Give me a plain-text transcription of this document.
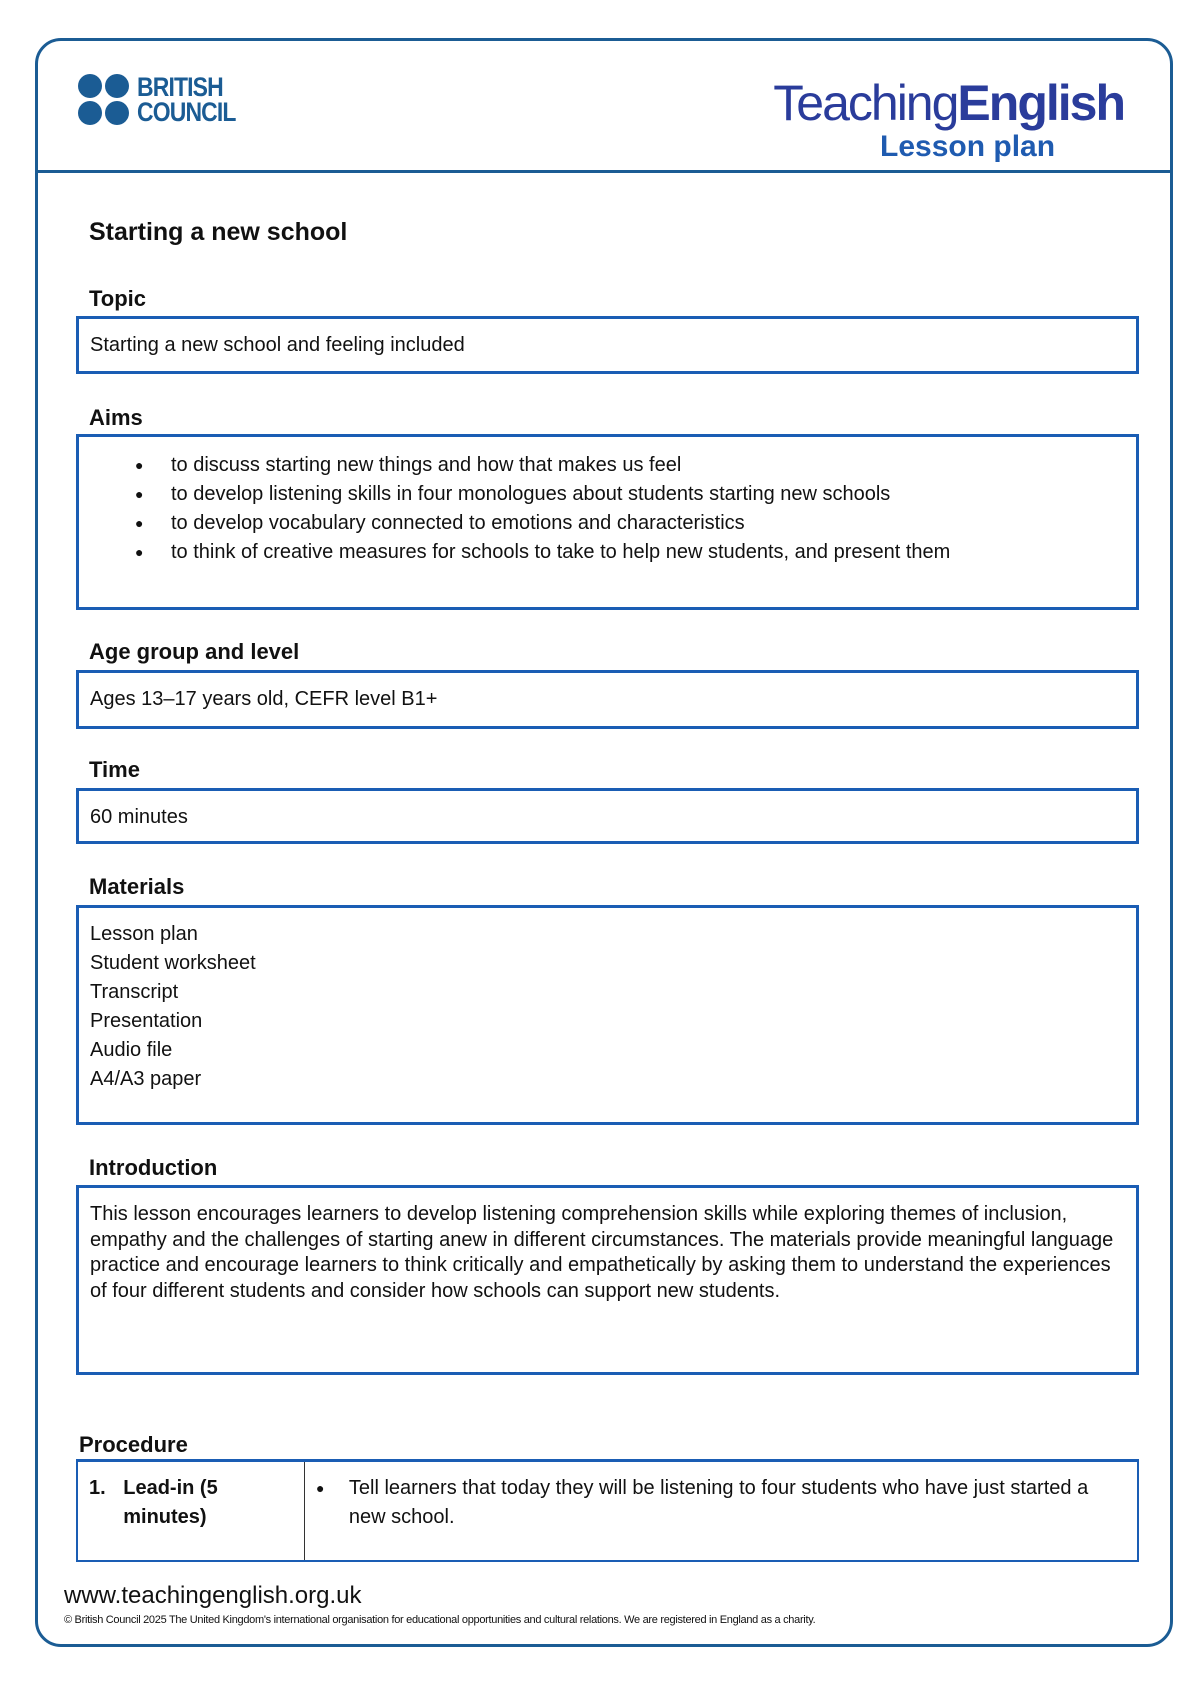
BRITISH
COUNCIL	TeachingEnglish
Lesson plan
Starting a new school
Topic
Starting a new school and feeling included
Aims
● to discuss starting new things and how that makes us feel
● to develop listening skills in four monologues about students starting new schools
● to develop vocabulary connected to emotions and characteristics
● to think of creative measures for schools to take to help new students, and present them
Age group and level
Ages 13–17 years old, CEFR level B1+
Time
60 minutes
Materials
Lesson plan
Student worksheet
Transcript
Presentation
Audio file
A4/A3 paper
Introduction
This lesson encourages learners to develop listening comprehension skills while exploring themes of inclusion, empathy and the challenges of starting anew in different circumstances. The materials provide meaningful language practice and encourage learners to think critically and empathetically by asking them to understand the experiences of four different students and consider how schools can support new students.
Procedure
1. Lead-in (5 minutes)
●	Tell learners that today they will be listening to four students who have just started a new school.
www.teachingenglish.org.uk
© British Council 2025 The United Kingdom's international organisation for educational opportunities and cultural relations. We are registered in England as a charity.
